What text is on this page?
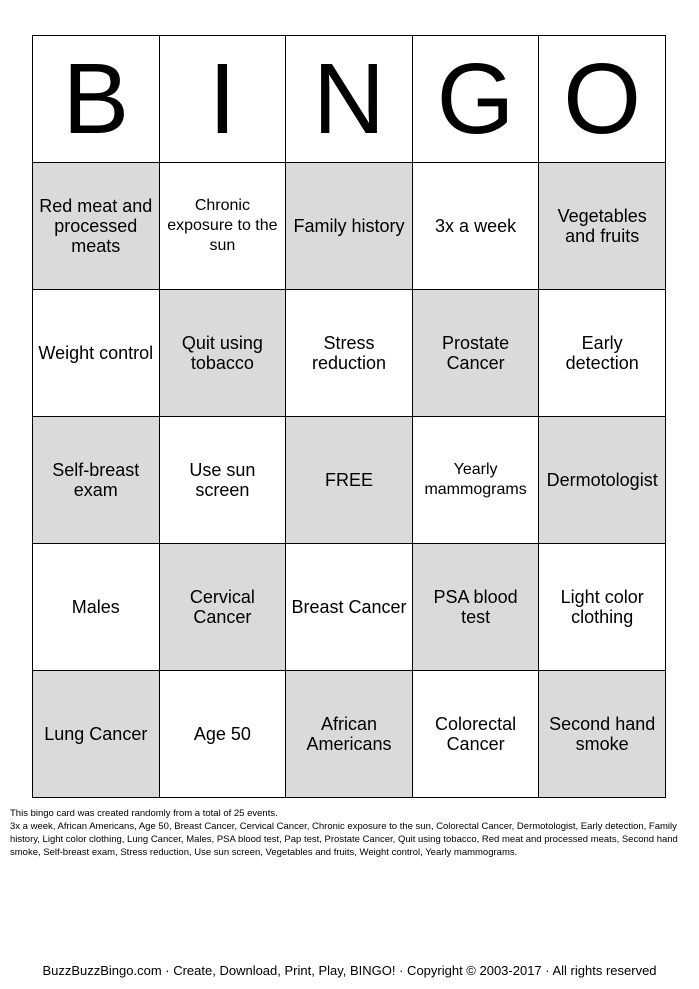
B	I	N	G	O
Red meat and processed meats	Chronic exposure to the sun	Family history	3x a week	Vegetables and fruits
Weight control	Quit using tobacco	Stress reduction	Prostate Cancer	Early detection
Self-breast exam	Use sun screen	FREE	Yearly mammograms	Dermotologist
Males	Cervical Cancer	Breast Cancer	PSA blood test	Light color clothing
Lung Cancer	Age 50	African Americans	Colorectal Cancer	Second hand smoke

This bingo card was created randomly from a total of 25 events.

3x a week, African Americans, Age 50, Breast Cancer, Cervical Cancer, Chronic exposure to the sun, Colorectal Cancer, Dermotologist, Early detection, Family history, Light color clothing, Lung Cancer, Males, PSA blood test, Pap test, Prostate Cancer, Quit using tobacco, Red meat and processed meats, Second hand smoke, Self-breast exam, Stress reduction, Use sun screen, Vegetables and fruits, Weight control, Yearly mammograms.

BuzzBuzzBingo.com · Create, Download, Print, Play, BINGO! · Copyright © 2003-2017 · All rights reserved
